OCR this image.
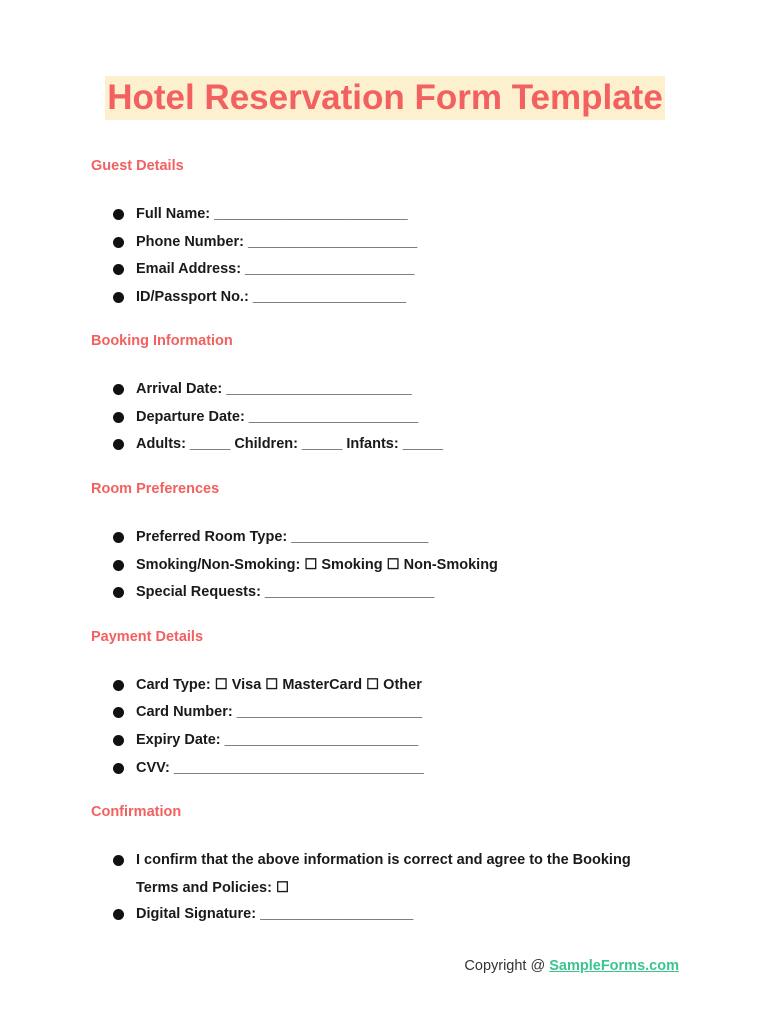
Hotel Reservation Form Template
Guest Details
Full Name: ________________________
Phone Number: _____________________
Email Address: _____________________
ID/Passport No.: ___________________
Booking Information
Arrival Date: _______________________
Departure Date: _____________________
Adults: _____ Children: _____ Infants: _____
Room Preferences
Preferred Room Type: _________________
Smoking/Non-Smoking: ☐ Smoking ☐ Non-Smoking
Special Requests: _____________________
Payment Details
Card Type: ☐ Visa ☐ MasterCard ☐ Other
Card Number: _______________________
Expiry Date: ________________________
CVV: _______________________________
Confirmation
I confirm that the above information is correct and agree to the Booking Terms and Policies: ☐
Digital Signature: ___________________
Copyright @ SampleForms.com
